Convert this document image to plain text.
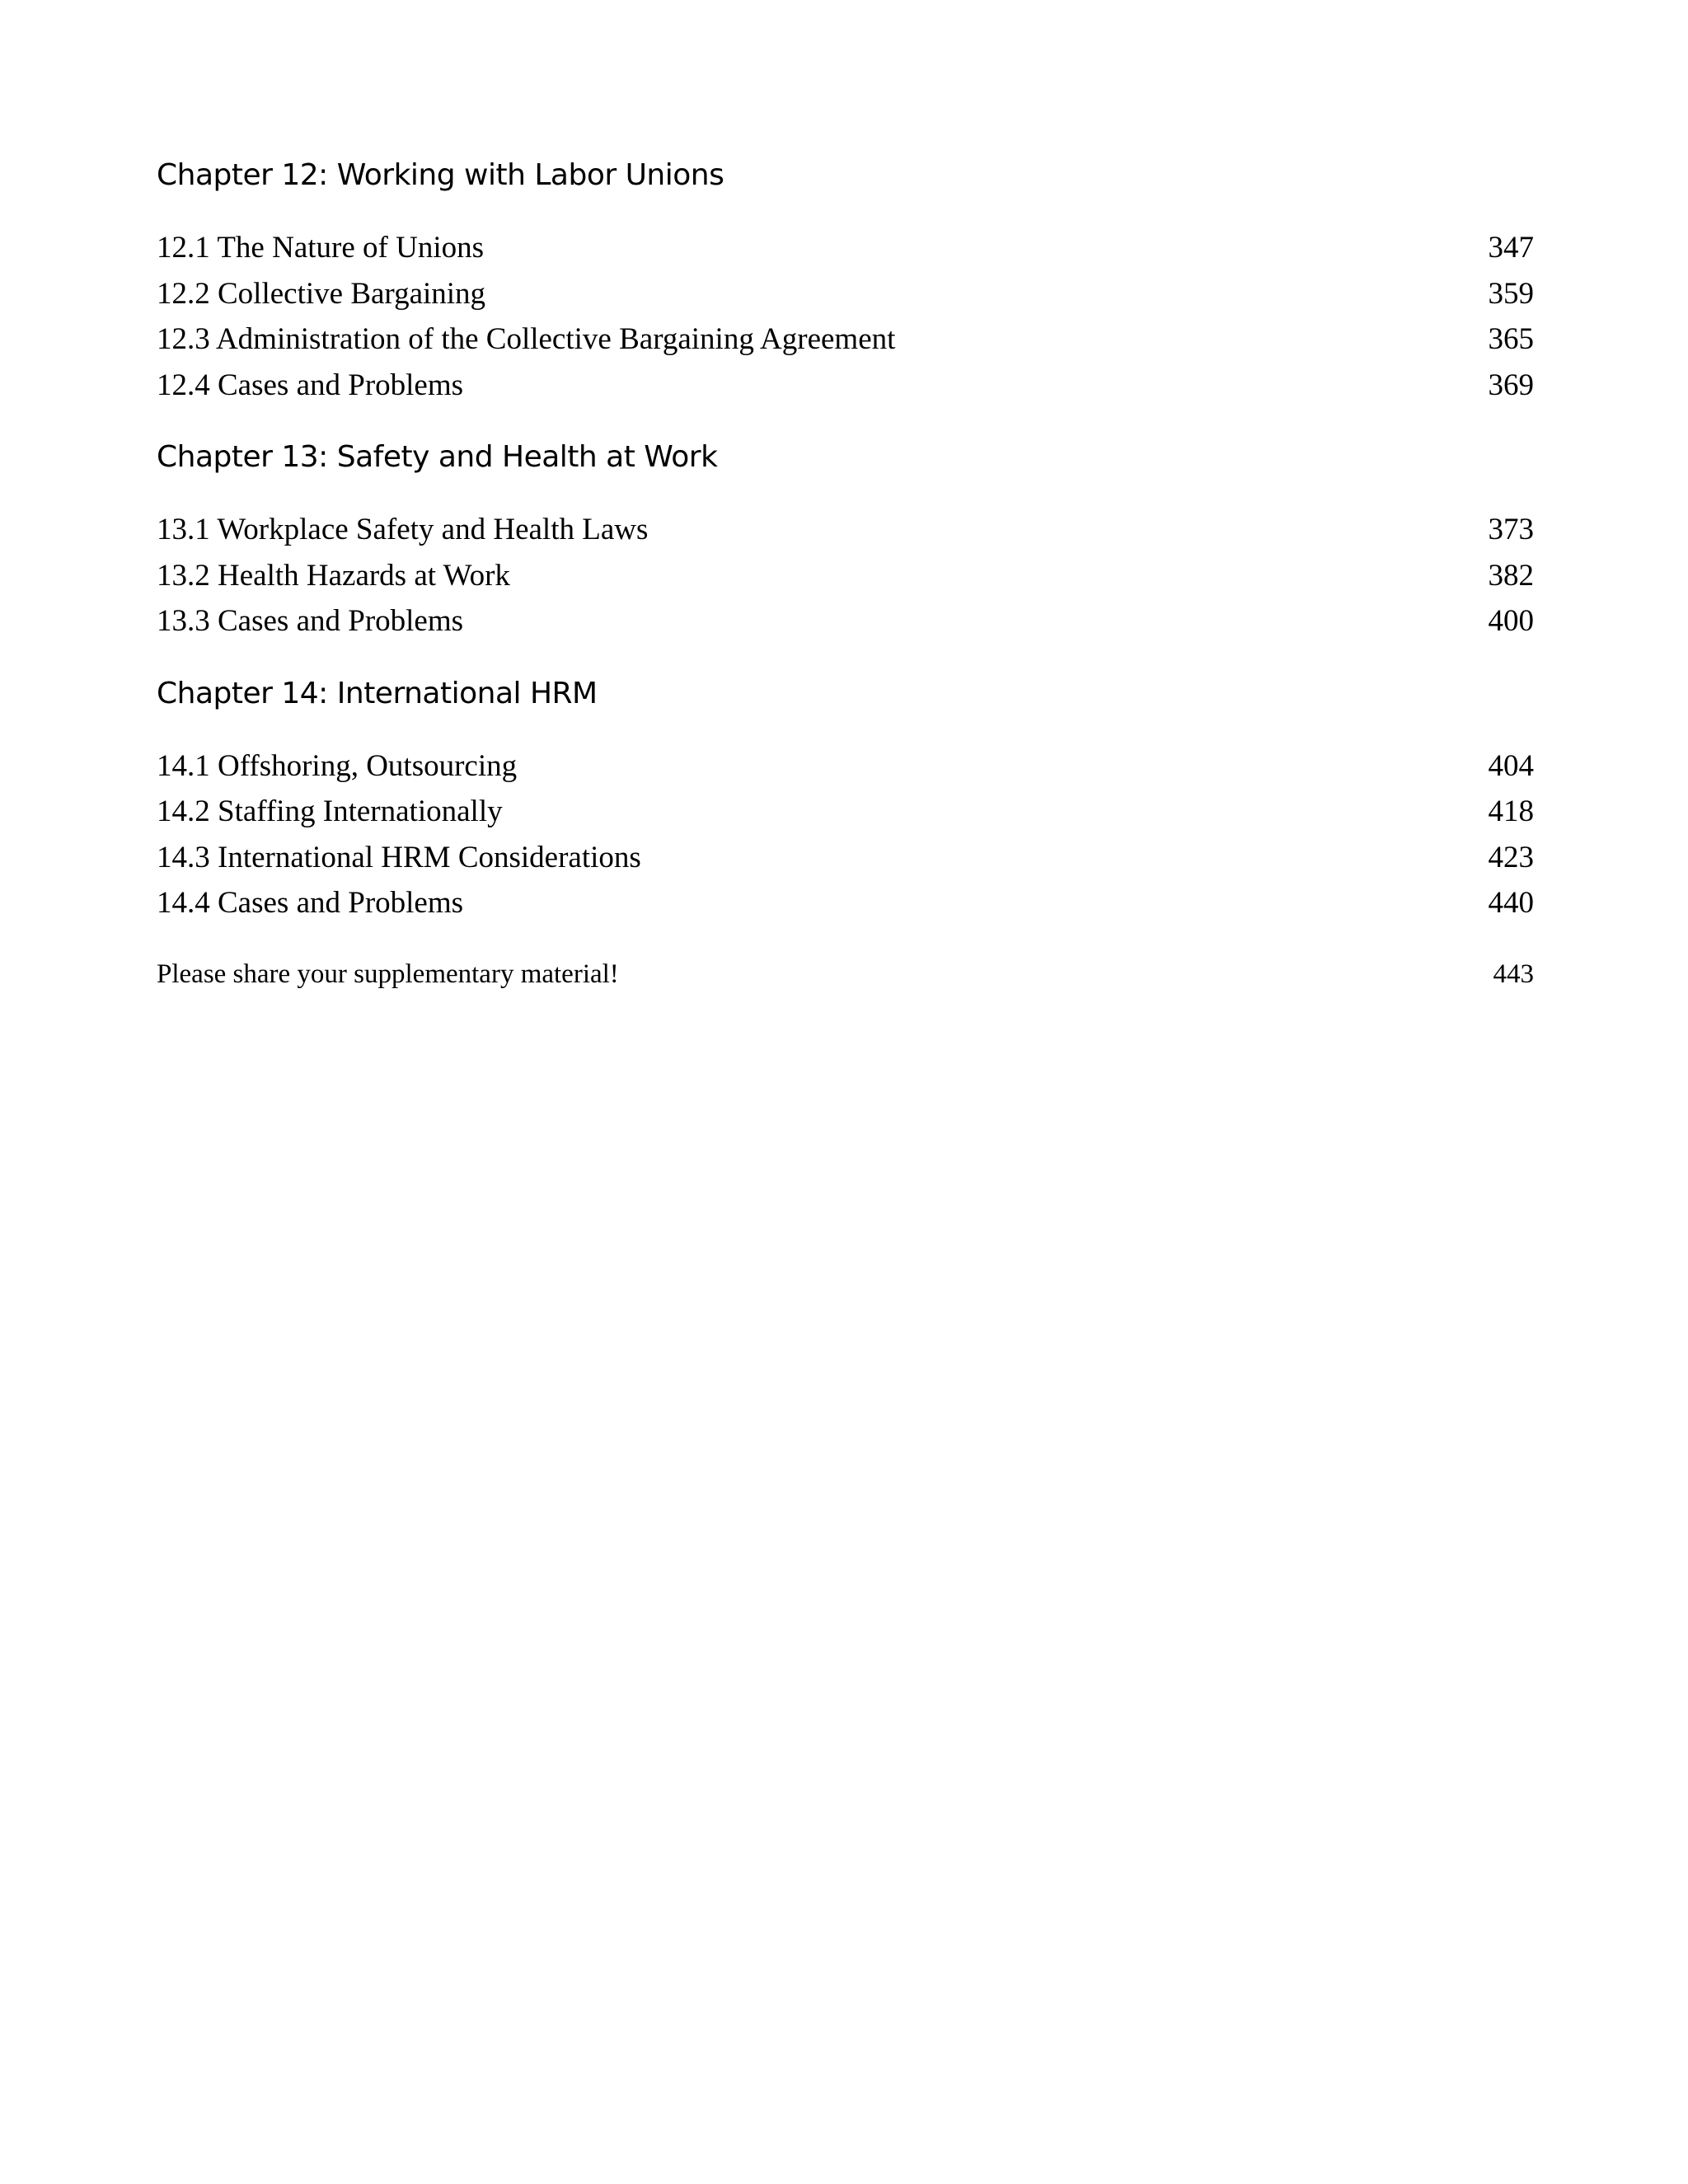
Chapter 12: Working with Labor Unions
12.1 The Nature of Unions	347
12.2 Collective Bargaining	359
12.3 Administration of the Collective Bargaining Agreement	365
12.4 Cases and Problems	369
Chapter 13: Safety and Health at Work
13.1 Workplace Safety and Health Laws	373
13.2 Health Hazards at Work	382
13.3 Cases and Problems	400
Chapter 14: International HRM
14.1 Offshoring, Outsourcing	404
14.2 Staffing Internationally	418
14.3 International HRM Considerations	423
14.4 Cases and Problems	440
Please share your supplementary material!	443
